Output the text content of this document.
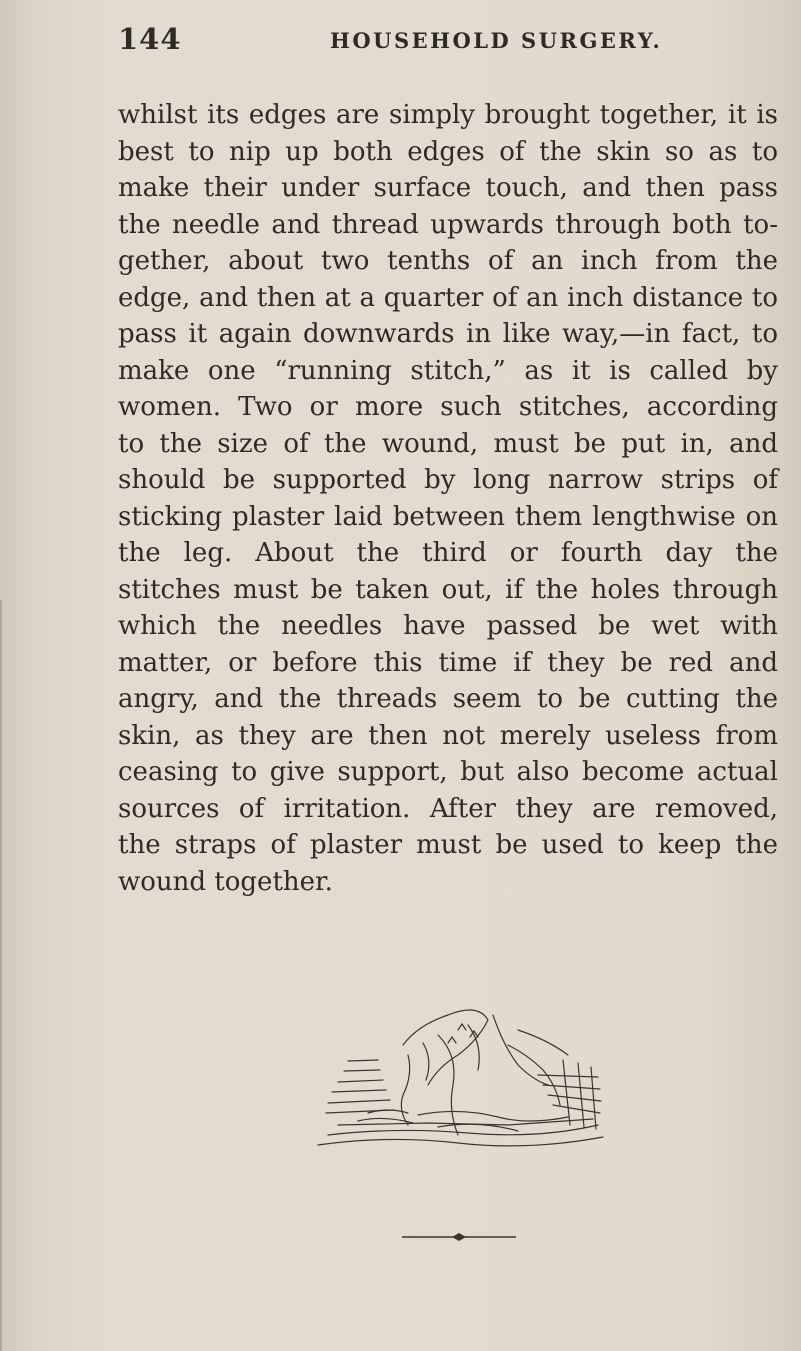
144	HOUSEHOLD SURGERY.
whilst its edges are simply brought together, it is
best to nip up both edges of the skin so as to
make their under surface touch, and then pass
the needle and thread upwards through both to-
gether, about two tenths of an inch from the
edge, and then at a quarter of an inch distance to
pass it again downwards in like way,—in fact, to
make one “running stitch,” as it is called by
women. Two or more such stitches, according
to the size of the wound, must be put in, and
should be supported by long narrow strips of
sticking plaster laid between them lengthwise on
the leg. About the third or fourth day the
stitches must be taken out, if the holes through
which the needles have passed be wet with
matter, or before this time if they be red and
angry, and the threads seem to be cutting the
skin, as they are then not merely useless from
ceasing to give support, but also become actual
sources of irritation. After they are removed,
the straps of plaster must be used to keep the
wound together.
